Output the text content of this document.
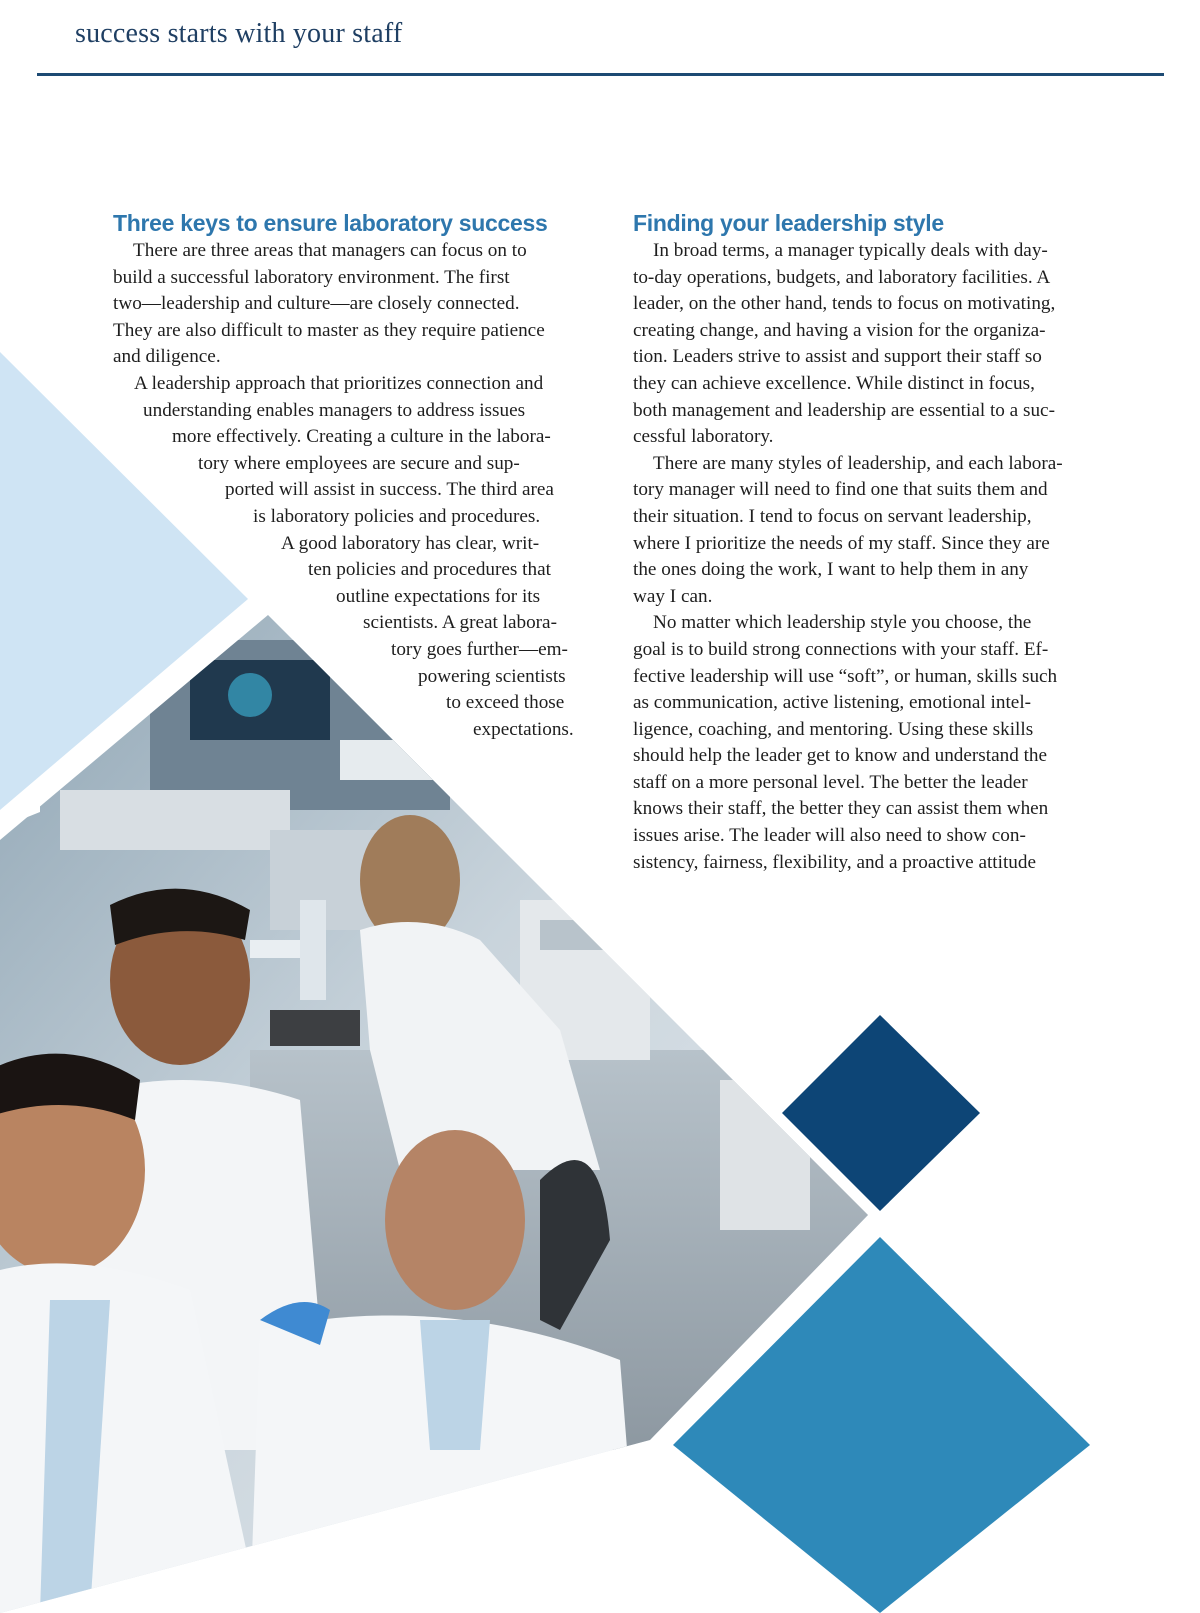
success starts with your staff
Three keys to ensure laboratory success
There are three areas that managers can focus on to
build a successful laboratory environment. The first
two—leadership and culture—are closely connected.
They are also difficult to master as they require patience
and diligence.
A leadership approach that prioritizes connection and
understanding enables managers to address issues
more effectively. Creating a culture in the labora-
tory where employees are secure and sup-
ported will assist in success. The third area
is laboratory policies and procedures.
A good laboratory has clear, writ-
ten policies and procedures that
outline expectations for its
scientists. A great labora-
tory goes further—em-
powering scientists
to exceed those
expectations.
Finding your leadership style
In broad terms, a manager typically deals with day-
to-day operations, budgets, and laboratory facilities. A
leader, on the other hand, tends to focus on motivating,
creating change, and having a vision for the organiza-
tion. Leaders strive to assist and support their staff so
they can achieve excellence. While distinct in focus,
both management and leadership are essential to a suc-
cessful laboratory.
There are many styles of leadership, and each labora-
tory manager will need to find one that suits them and
their situation. I tend to focus on servant leadership,
where I prioritize the needs of my staff. Since they are
the ones doing the work, I want to help them in any
way I can.
No matter which leadership style you choose, the
goal is to build strong connections with your staff. Ef-
fective leadership will use “soft”, or human, skills such
as communication, active listening, emotional intel-
ligence, coaching, and mentoring. Using these skills
should help the leader get to know and understand the
staff on a more personal level. The better the leader
knows their staff, the better they can assist them when
issues arise. The leader will also need to show con-
sistency, fairness, flexibility, and a proactive attitude
